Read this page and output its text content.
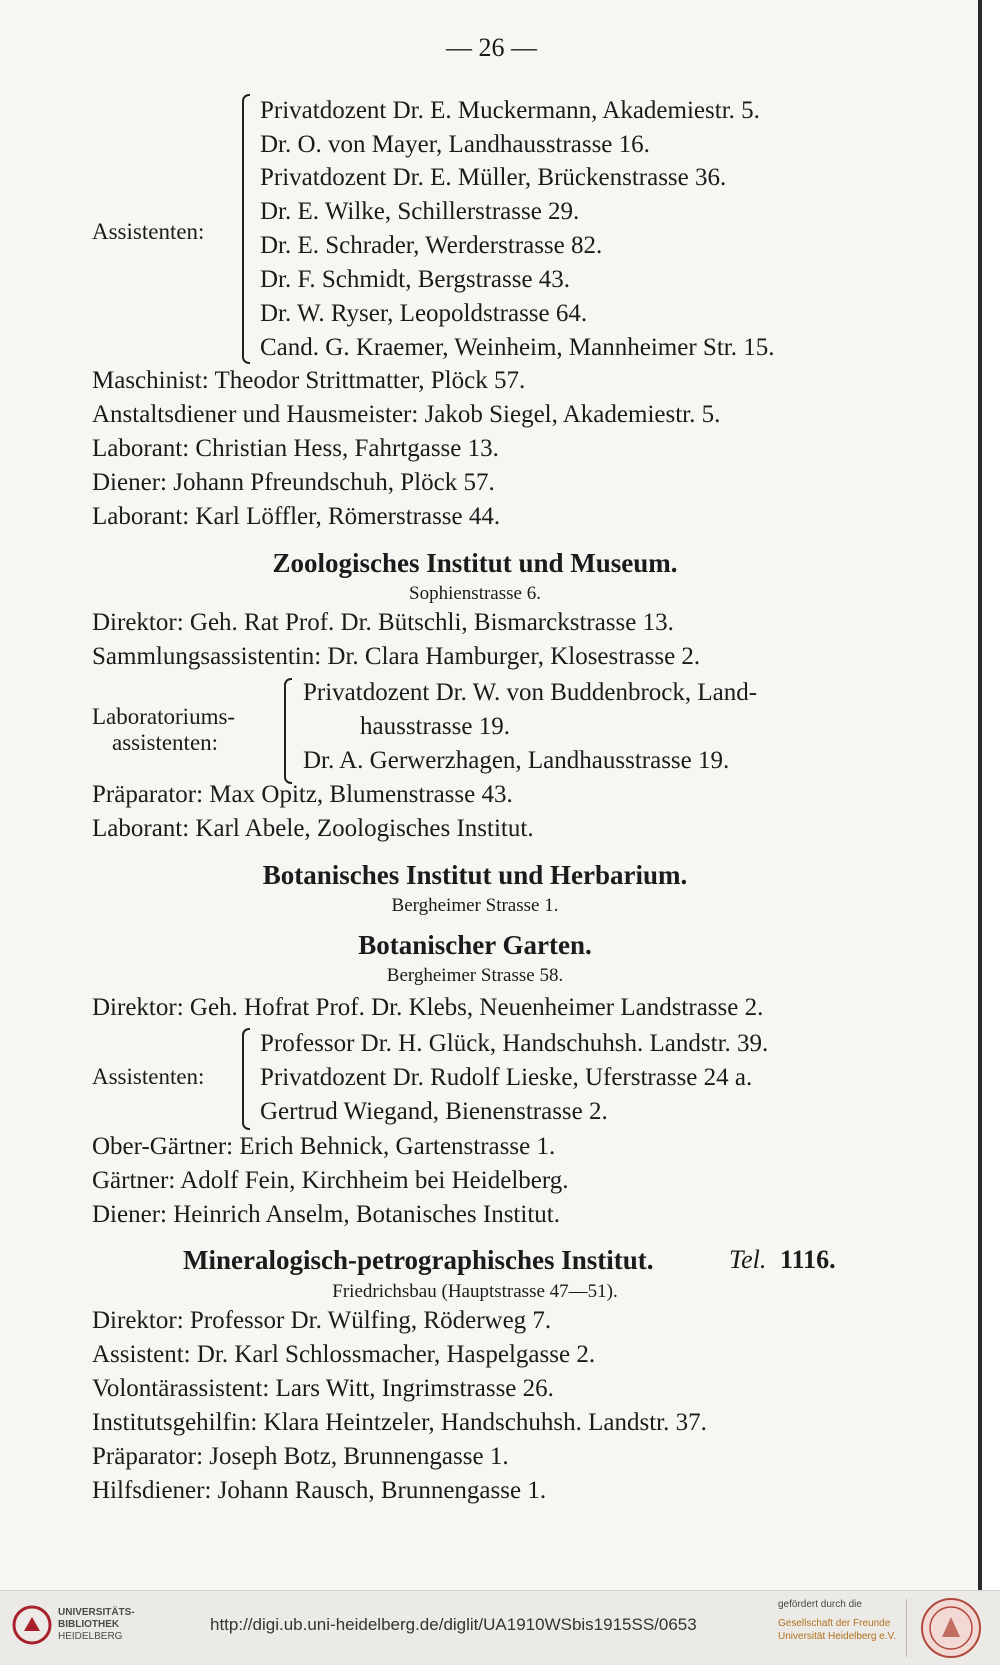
— 26 —
Assistenten:
Privatdozent Dr. E. Muckermann, Akademiestr. 5.
Dr. O. von Mayer, Landhausstrasse 16.
Privatdozent Dr. E. Müller, Brückenstrasse 36.
Dr. E. Wilke, Schillerstrasse 29.
Dr. E. Schrader, Werderstrasse 82.
Dr. F. Schmidt, Bergstrasse 43.
Dr. W. Ryser, Leopoldstrasse 64.
Cand. G. Kraemer, Weinheim, Mannheimer Str. 15.
Maschinist: Theodor Strittmatter, Plöck 57.
Anstaltsdiener und Hausmeister: Jakob Siegel, Akademiestr. 5.
Laborant: Christian Hess, Fahrtgasse 13.
Diener: Johann Pfreundschuh, Plöck 57.
Laborant: Karl Löffler, Römerstrasse 44.
Zoologisches Institut und Museum.
Sophienstrasse 6.
Direktor: Geh. Rat Prof. Dr. Bütschli, Bismarckstrasse 13.
Sammlungsassistentin: Dr. Clara Hamburger, Klosestrasse 2.
Laboratoriums-
assistenten:
Privatdozent Dr. W. von Buddenbrock, Land-
hausstrasse 19.
Dr. A. Gerwerzhagen, Landhausstrasse 19.
Präparator: Max Opitz, Blumenstrasse 43.
Laborant: Karl Abele, Zoologisches Institut.
Botanisches Institut und Herbarium.
Bergheimer Strasse 1.
Botanischer Garten.
Bergheimer Strasse 58.
Direktor: Geh. Hofrat Prof. Dr. Klebs, Neuenheimer Landstrasse 2.
Assistenten:
Professor Dr. H. Glück, Handschuhsh. Landstr. 39.
Privatdozent Dr. Rudolf Lieske, Uferstrasse 24 a.
Gertrud Wiegand, Bienenstrasse 2.
Ober-Gärtner: Erich Behnick, Gartenstrasse 1.
Gärtner: Adolf Fein, Kirchheim bei Heidelberg.
Diener: Heinrich Anselm, Botanisches Institut.
Mineralogisch-petrographisches Institut.	Tel. 1116.
Friedrichsbau (Hauptstrasse 47—51).
Direktor: Professor Dr. Wülfing, Röderweg 7.
Assistent: Dr. Karl Schlossmacher, Haspelgasse 2.
Volontärassistent: Lars Witt, Ingrimstrasse 26.
Institutsgehilfin: Klara Heintzeler, Handschuhsh. Landstr. 37.
Präparator: Joseph Botz, Brunnengasse 1.
Hilfsdiener: Johann Rausch, Brunnengasse 1.
UNIVERSITÄTS-
BIBLIOTHEK
HEIDELBERG
http://digi.ub.uni-heidelberg.de/diglit/UA1910WSbis1915SS/0653
gefördert durch die
Gesellschaft der Freunde
Universität Heidelberg e.V.
